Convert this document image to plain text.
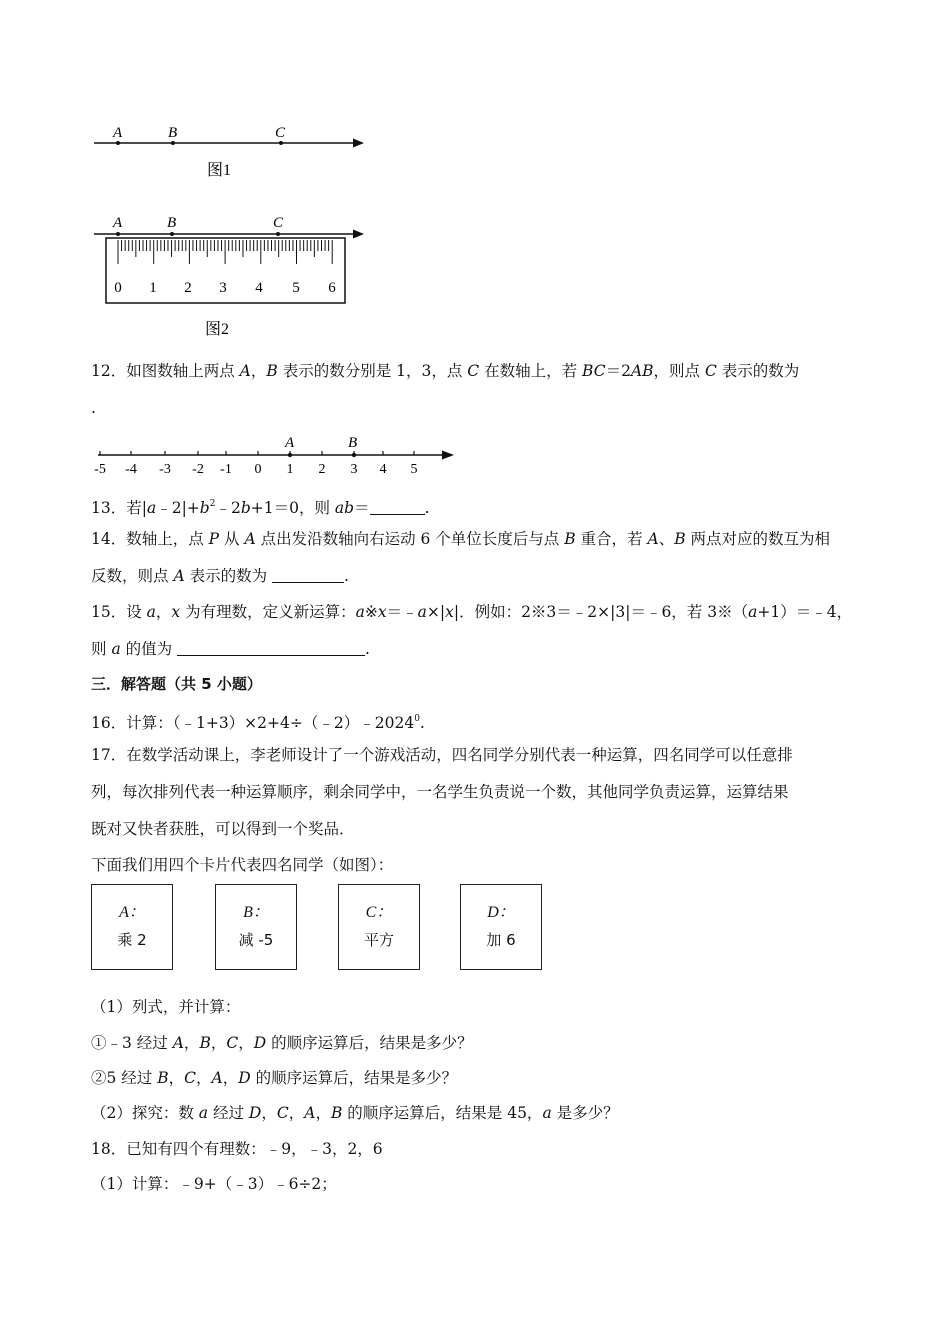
A	B	C
图1
A	B	C
0 1 2 3 4 5 6
图2
12．如图数轴上两点 A，B 表示的数分别是 1，3，点 C 在数轴上，若 BC＝2AB，则点 C 表示的数为
.
A	B
-5 -4 -3 -2 -1 0 1 2 3 4 5
13．若$|a﹣2|+b^2﹣2b+1=0$，则 ab＝	.
14．数轴上，点 P 从 A 点出发沿数轴向右运动 6 个单位长度后与点 B 重合，若 A、B 两点对应的数互为相
反数，则点 A 表示的数为	.
15．设 a，x 为有理数，定义新运算：a※x＝﹣a×|x|．例如：2※3＝﹣2×|3|＝﹣6，若 3※（a+1）＝﹣4，
则 a 的值为	.
三．解答题（共 5 小题）
16．计算：$(﹣1+3)\times 2+4\div(﹣2)﹣2024^0$.
17．在数学活动课上，李老师设计了一个游戏活动，四名同学分别代表一种运算，四名同学可以任意排
列，每次排列代表一种运算顺序，剩余同学中，一名学生负责说一个数，其他同学负责运算，运算结果
既对又快者获胜，可以得到一个奖品．
下面我们用四个卡片代表四名同学（如图）：
A：
乘 2
B：
减 -5
C：
平方
D：
加 6
（1）列式，并计算：
①﹣3 经过 A，B，C，D 的顺序运算后，结果是多少？
②5 经过 B，C，A，D 的顺序运算后，结果是多少？
（2）探究：数 a 经过 D，C，A，B 的顺序运算后，结果是 45，a 是多少？
18．已知有四个有理数：﹣9，﹣3，2，6
（1）计算：﹣9+（﹣3）﹣6÷2；
